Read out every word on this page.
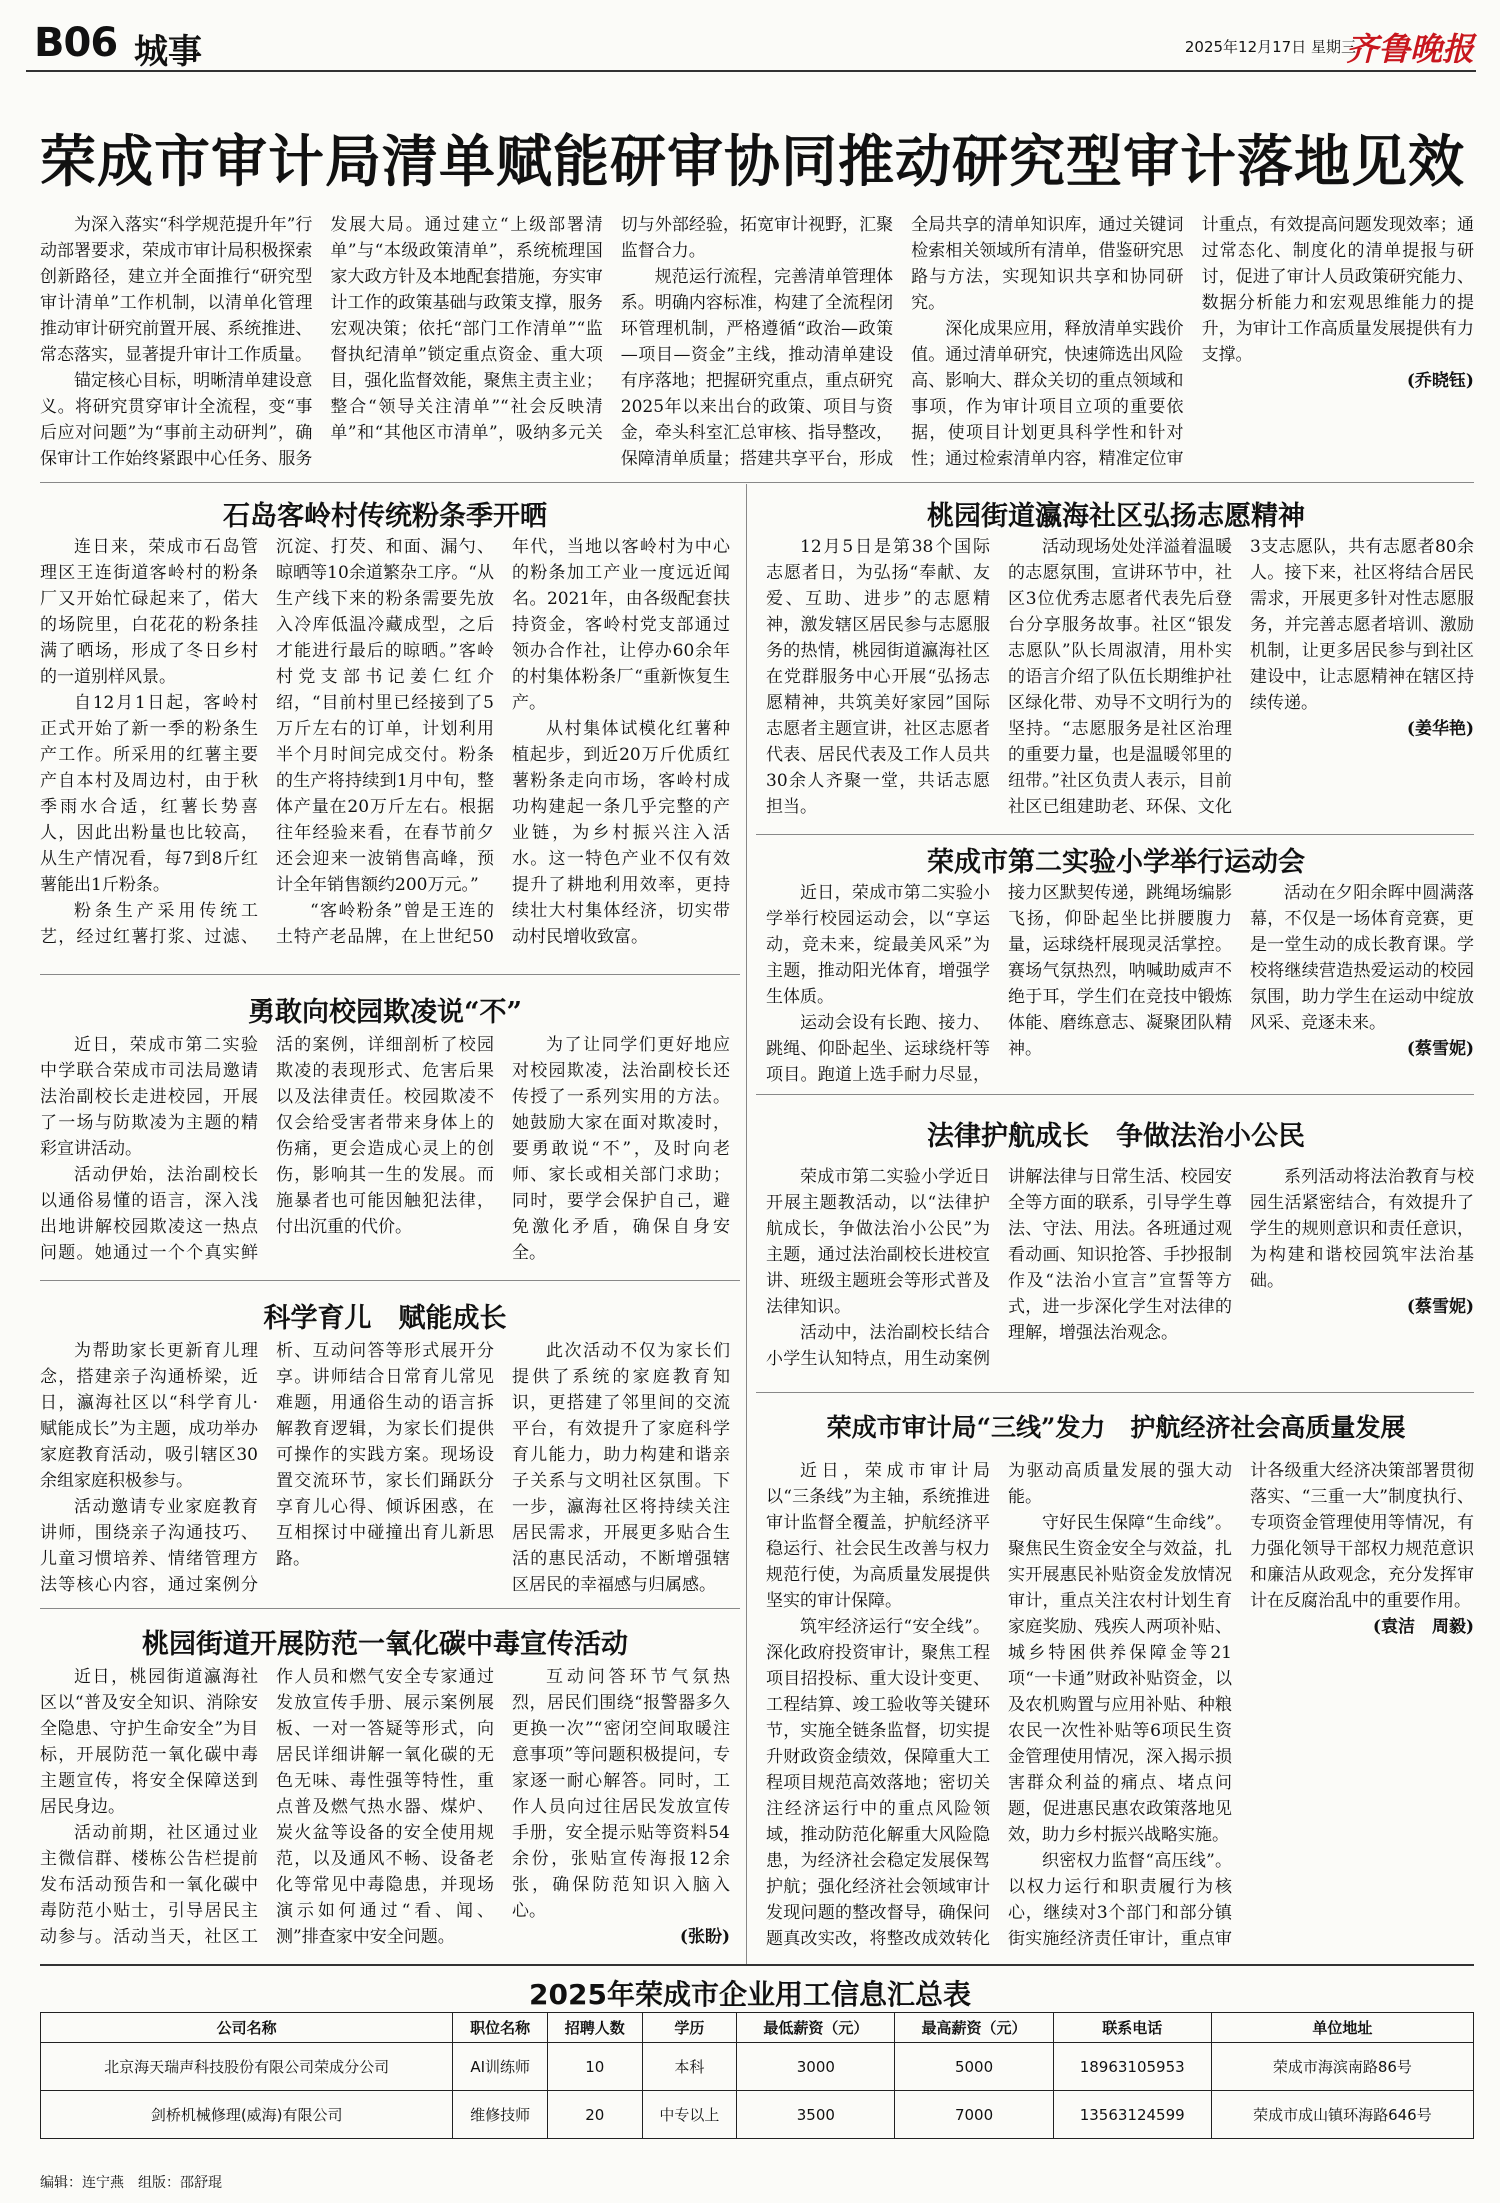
B06 城事	2025年12月17日 星期三
齐鲁晚报
荣成市审计局清单赋能研审协同推动研究型审计落地见效

为深入落实“科学规范提升年”行动部署要求，荣成市审计局积极探索创新路径，建立并全面推行“研究型审计清单”工作机制，以清单化管理推动审计研究前置开展、系统推进、常态落实，显著提升审计工作质量。

锚定核心目标，明晰清单建设意义。将研究贯穿审计全流程，变“事后应对问题”为“事前主动研判”，确保审计工作始终紧跟中心任务、服务发展大局。通过建立“上级部署清单”与“本级政策清单”，系统梳理国家大政方针及本地配套措施，夯实审计工作的政策基础与政策支撑，服务宏观决策；依托“部门工作清单”“监督执纪清单”锁定重点资金、重大项目，强化监督效能，聚焦主责主业；整合“领导关注清单”“社会反映清单”和“其他区市清单”，吸纳多元关切与外部经验，拓宽审计视野，汇聚监督合力。

规范运行流程，完善清单管理体系。明确内容标准，构建了全流程闭环管理机制，严格遵循“政治—政策—项目—资金”主线，推动清单建设有序落地；把握研究重点，重点研究2025年以来出台的政策、项目与资金，牵头科室汇总审核、指导整改，保障清单质量；搭建共享平台，形成全局共享的清单知识库，通过关键词检索相关领域所有清单，借鉴研究思路与方法，实现知识共享和协同研究。

深化成果应用，释放清单实践价值。通过清单研究，快速筛选出风险高、影响大、群众关切的重点领域和事项，作为审计项目立项的重要依据，使项目计划更具科学性和针对性；通过检索清单内容，精准定位审计重点，有效提高问题发现效率；通过常态化、制度化的清单提报与研讨，促进了审计人员政策研究能力、数据分析能力和宏观思维能力的提升，为审计工作高质量发展提供有力支撑。

(乔晓钰)

石岛客岭村传统粉条季开晒

连日来，荣成市石岛管理区王连街道客岭村的粉条厂又开始忙碌起来了，偌大的场院里，白花花的粉条挂满了晒场，形成了冬日乡村的一道别样风景。

自12月1日起，客岭村正式开始了新一季的粉条生产工作。所采用的红薯主要产自本村及周边村，由于秋季雨水合适，红薯长势喜人，因此出粉量也比较高，从生产情况看，每7到8斤红薯能出1斤粉条。

粉条生产采用传统工艺，经过红薯打浆、过滤、沉淀、打芡、和面、漏勺、晾晒等10余道繁杂工序。“从生产线下来的粉条需要先放入冷库低温冷藏成型，之后才能进行最后的晾晒。”客岭村党支部书记姜仁红介绍，“目前村里已经接到了5万斤左右的订单，计划利用半个月时间完成交付。粉条的生产将持续到1月中旬，整体产量在20万斤左右。根据往年经验来看，在春节前夕还会迎来一波销售高峰，预计全年销售额约200万元。”

“客岭粉条”曾是王连的土特产老品牌，在上世纪50年代，当地以客岭村为中心的粉条加工产业一度远近闻名。2021年，由各级配套扶持资金，客岭村党支部通过领办合作社，让停办60余年的村集体粉条厂“重新恢复生产。

从村集体试模化红薯种植起步，到近20万斤优质红薯粉条走向市场，客岭村成功构建起一条几乎完整的产业链，为乡村振兴注入活水。这一特色产业不仅有效提升了耕地利用效率，更持续壮大村集体经济，切实带动村民增收致富。

勇敢向校园欺凌说“不”

近日，荣成市第二实验中学联合荣成市司法局邀请法治副校长走进校园，开展了一场与防欺凌为主题的精彩宣讲活动。

活动伊始，法治副校长以通俗易懂的语言，深入浅出地讲解校园欺凌这一热点问题。她通过一个个真实鲜活的案例，详细剖析了校园欺凌的表现形式、危害后果以及法律责任。校园欺凌不仅会给受害者带来身体上的伤痛，更会造成心灵上的创伤，影响其一生的发展。而施暴者也可能因触犯法律，付出沉重的代价。

为了让同学们更好地应对校园欺凌，法治副校长还传授了一系列实用的方法。她鼓励大家在面对欺凌时，要勇敢说“不”，及时向老师、家长或相关部门求助；同时，要学会保护自己，避免激化矛盾，确保自身安全。

科学育儿　赋能成长

为帮助家长更新育儿理念，搭建亲子沟通桥梁，近日，瀛海社区以“科学育儿·赋能成长”为主题，成功举办家庭教育活动，吸引辖区30余组家庭积极参与。

活动邀请专业家庭教育讲师，围绕亲子沟通技巧、儿童习惯培养、情绪管理方法等核心内容，通过案例分析、互动问答等形式展开分享。讲师结合日常育儿常见难题，用通俗生动的语言拆解教育逻辑，为家长们提供可操作的实践方案。现场设置交流环节，家长们踊跃分享育儿心得、倾诉困惑，在互相探讨中碰撞出育儿新思路。

此次活动不仅为家长们提供了系统的家庭教育知识，更搭建了邻里间的交流平台，有效提升了家庭科学育儿能力，助力构建和谐亲子关系与文明社区氛围。下一步，瀛海社区将持续关注居民需求，开展更多贴合生活的惠民活动，不断增强辖区居民的幸福感与归属感。

桃园街道开展防范一氧化碳中毒宣传活动

近日，桃园街道瀛海社区以“普及安全知识、消除安全隐患、守护生命安全”为目标，开展防范一氧化碳中毒主题宣传，将安全保障送到居民身边。

活动前期，社区通过业主微信群、楼栋公告栏提前发布活动预告和一氧化碳中毒防范小贴士，引导居民主动参与。活动当天，社区工作人员和燃气安全专家通过发放宣传手册、展示案例展板、一对一答疑等形式，向居民详细讲解一氧化碳的无色无味、毒性强等特性，重点普及燃气热水器、煤炉、炭火盆等设备的安全使用规范，以及通风不畅、设备老化等常见中毒隐患，并现场演示如何通过“看、闻、测”排查家中安全问题。

互动问答环节气氛热烈，居民们围绕“报警器多久更换一次”“密闭空间取暖注意事项”等问题积极提问，专家逐一耐心解答。同时，工作人员向过往居民发放宣传手册，安全提示贴等资料54余份，张贴宣传海报12余张，确保防范知识入脑入心。

(张盼)

桃园街道瀛海社区弘扬志愿精神

12月5日是第38个国际志愿者日，为弘扬“奉献、友爱、互助、进步”的志愿精神，激发辖区居民参与志愿服务的热情，桃园街道瀛海社区在党群服务中心开展“弘扬志愿精神，共筑美好家园”国际志愿者主题宣讲，社区志愿者代表、居民代表及工作人员共30余人齐聚一堂，共话志愿担当。

活动现场处处洋溢着温暖的志愿氛围，宣讲环节中，社区3位优秀志愿者代表先后登台分享服务故事。社区“银发志愿队”队长周淑清，用朴实的语言介绍了队伍长期维护社区绿化带、劝导不文明行为的坚持。“志愿服务是社区治理的重要力量，也是温暖邻里的纽带。”社区负责人表示，目前社区已组建助老、环保、文化3支志愿队，共有志愿者80余人。接下来，社区将结合居民需求，开展更多针对性志愿服务，并完善志愿者培训、激励机制，让更多居民参与到社区建设中，让志愿精神在辖区持续传递。

(姜华艳)

荣成市第二实验小学举行运动会

近日，荣成市第二实验小学举行校园运动会，以“享运动，竞未来，绽最美风采”为主题，推动阳光体育，增强学生体质。

运动会设有长跑、接力、跳绳、仰卧起坐、运球绕杆等项目。跑道上选手耐力尽显，接力区默契传递，跳绳场编影飞扬，仰卧起坐比拼腰腹力量，运球绕杆展现灵活掌控。赛场气氛热烈，呐喊助威声不绝于耳，学生们在竞技中锻炼体能、磨练意志、凝聚团队精神。

活动在夕阳余晖中圆满落幕，不仅是一场体育竞赛，更是一堂生动的成长教育课。学校将继续营造热爱运动的校园氛围，助力学生在运动中绽放风采、竞逐未来。

(蔡雪妮)

法律护航成长　争做法治小公民

荣成市第二实验小学近日开展主题教活动，以“法律护航成长，争做法治小公民”为主题，通过法治副校长进校宣讲、班级主题班会等形式普及法律知识。

活动中，法治副校长结合小学生认知特点，用生动案例讲解法律与日常生活、校园安全等方面的联系，引导学生尊法、守法、用法。各班通过观看动画、知识抢答、手抄报制作及“法治小宣言”宣誓等方式，进一步深化学生对法律的理解，增强法治观念。

系列活动将法治教育与校园生活紧密结合，有效提升了学生的规则意识和责任意识，为构建和谐校园筑牢法治基础。

(蔡雪妮)

荣成市审计局“三线”发力　护航经济社会高质量发展

近日，荣成市审计局以“三条线”为主轴，系统推进审计监督全覆盖，护航经济平稳运行、社会民生改善与权力规范行使，为高质量发展提供坚实的审计保障。

筑牢经济运行“安全线”。深化政府投资审计，聚焦工程项目招投标、重大设计变更、工程结算、竣工验收等关键环节，实施全链条监督，切实提升财政资金绩效，保障重大工程项目规范高效落地；密切关注经济运行中的重点风险领域，推动防范化解重大风险隐患，为经济社会稳定发展保驾护航；强化经济社会领域审计发现问题的整改督导，确保问题真改实改，将整改成效转化为驱动高质量发展的强大动能。

守好民生保障“生命线”。聚焦民生资金安全与效益，扎实开展惠民补贴资金发放情况审计，重点关注农村计划生育家庭奖励、残疾人两项补贴、城乡特困供养保障金等21项“一卡通”财政补贴资金，以及农机购置与应用补贴、种粮农民一次性补贴等6项民生资金管理使用情况，深入揭示损害群众利益的痛点、堵点问题，促进惠民惠农政策落地见效，助力乡村振兴战略实施。

织密权力监督“高压线”。以权力运行和职责履行为核心，继续对3个部门和部分镇街实施经济责任审计，重点审计各级重大经济决策部署贯彻落实、“三重一大”制度执行、专项资金管理使用等情况，有力强化领导干部权力规范意识和廉洁从政观念，充分发挥审计在反腐治乱中的重要作用。

(袁洁　周毅)

2025年荣成市企业用工信息汇总表
公司名称	职位名称	招聘人数	学历	最低薪资（元）	最高薪资（元）	联系电话	单位地址
北京海天瑞声科技股份有限公司荣成分公司	AI训练师	10	本科	3000	5000	18963105953	荣成市海滨南路86号
剑桥机械修理(威海)有限公司	维修技师	20	中专以上	3500	7000	13563124599	荣成市成山镇环海路646号
编辑：连宁燕　组版：邵舒琨
